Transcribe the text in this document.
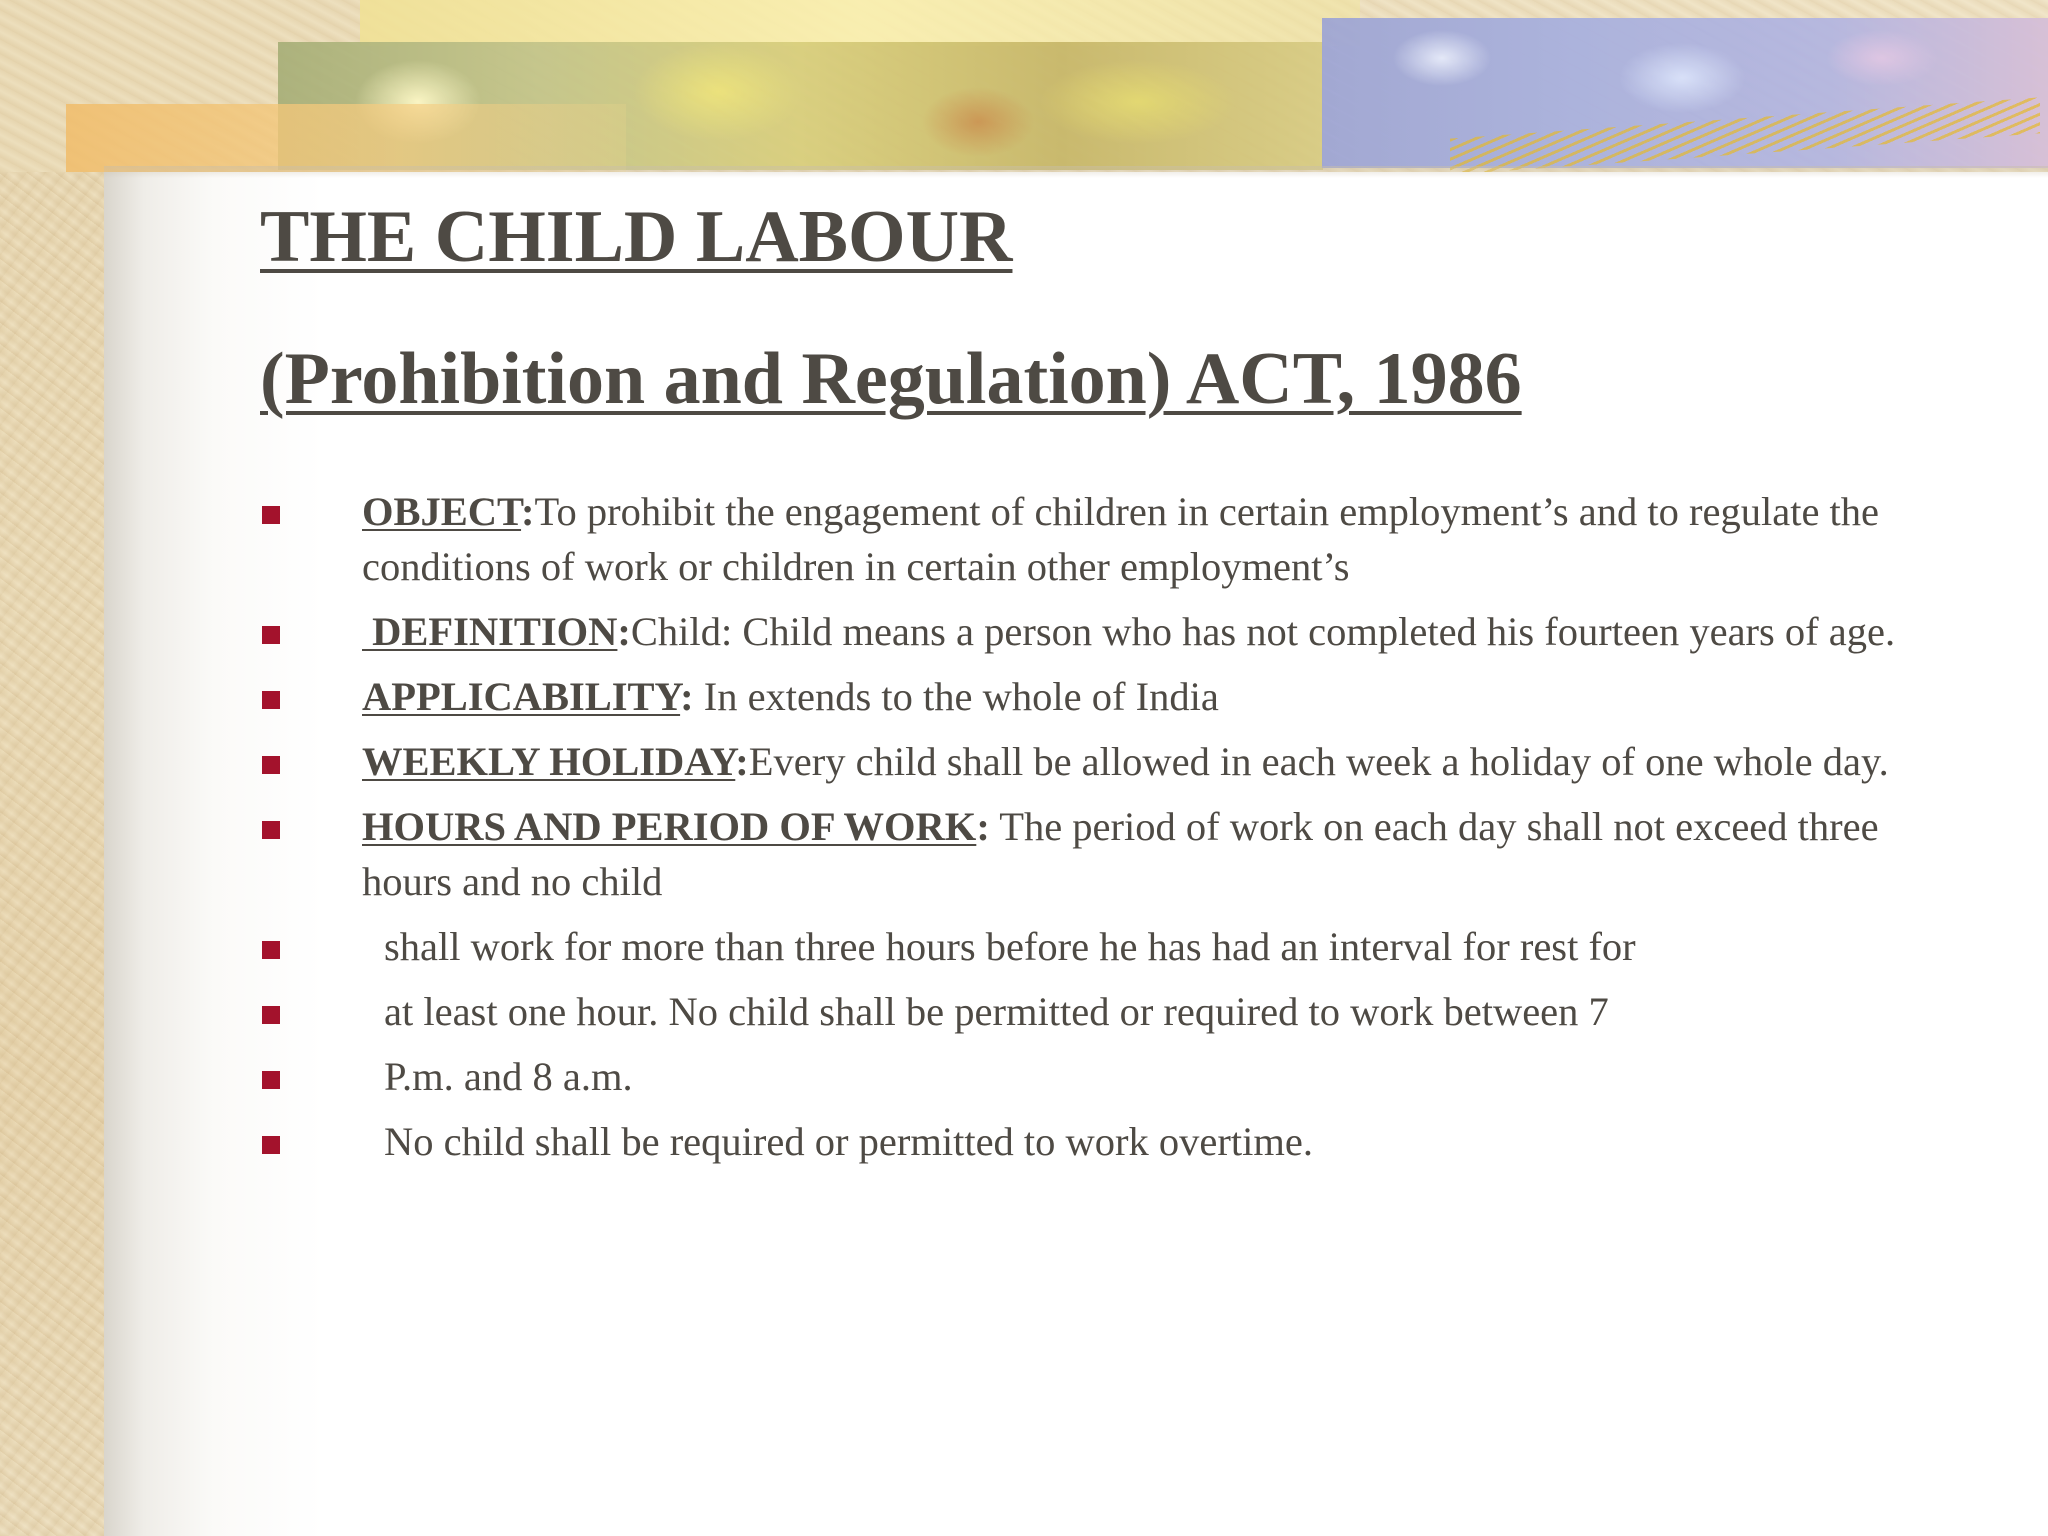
THE CHILD LABOUR
(Prohibition and Regulation) ACT, 1986
OBJECT:To prohibit the engagement of children in certain employment’s and to regulate the conditions of work or children in certain other employment’s
DEFINITION:Child: Child means a person who has not completed his fourteen years of age.
APPLICABILITY: In extends to the whole of India
WEEKLY HOLIDAY:Every child shall be allowed in each week a holiday of one whole day.
HOURS AND PERIOD OF WORK: The period of work on each day shall not exceed three hours and no child
shall work for more than three hours before he has had an interval for rest for
at least one hour. No child shall be permitted or required to work between 7
P.m. and 8 a.m.
No child shall be required or permitted to work overtime.
